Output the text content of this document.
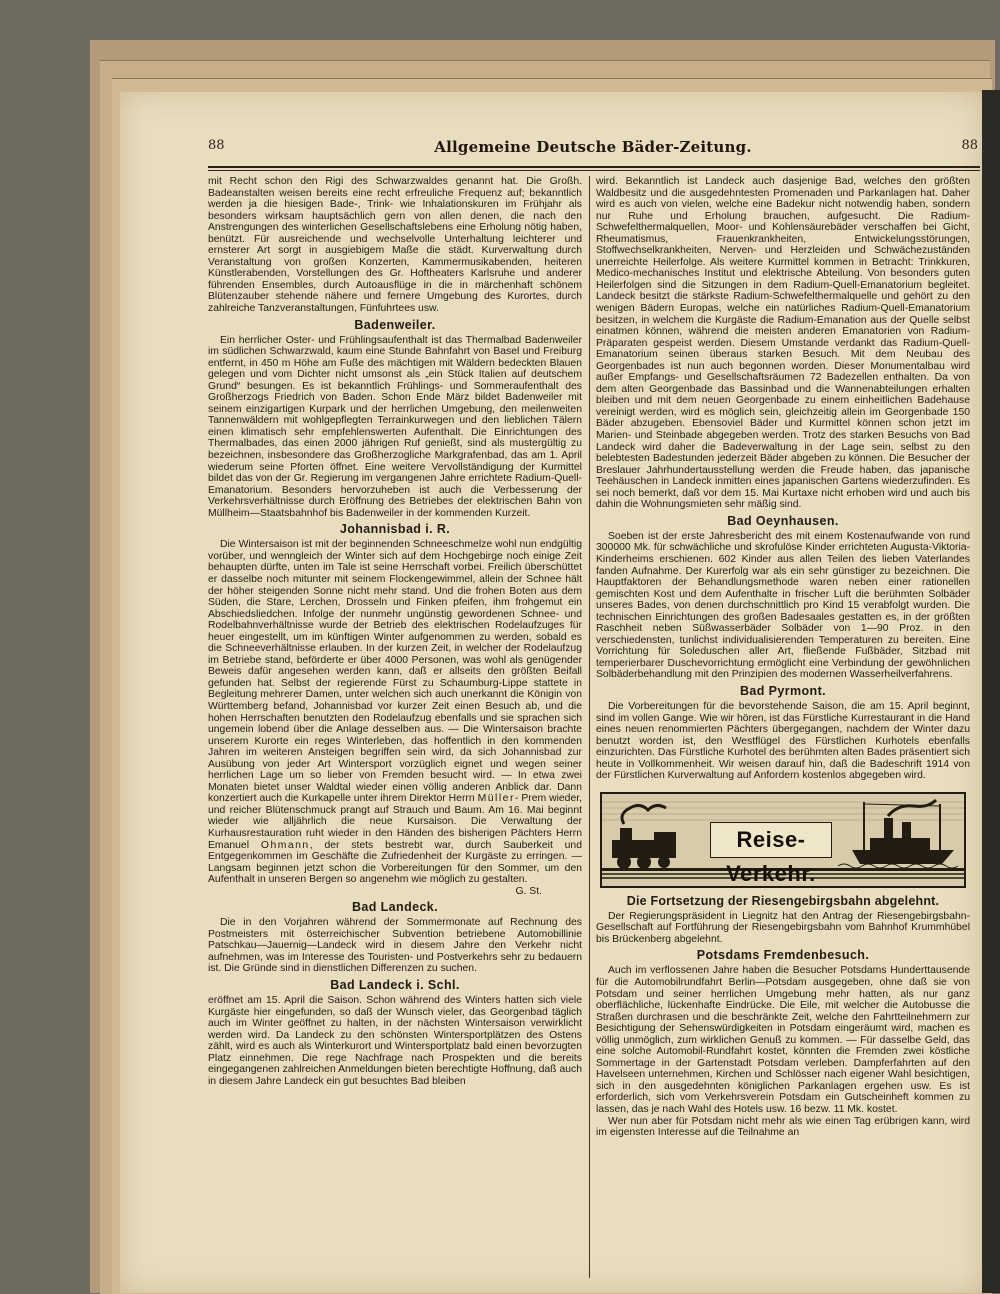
88	Allgemeine Deutsche Bäder-Zeitung.	88

mit Recht schon den Rigi des Schwarzwaldes genannt hat. Die Großh. Badeanstalten weisen bereits eine recht erfreuliche Frequenz auf; bekanntlich werden ja die hiesigen Bade-, Trink- wie Inhalationskuren im Frühjahr als besonders wirksam hauptsächlich gern von allen denen, die nach den Anstrengungen des winterlichen Gesellschaftslebens eine Erholung nötig haben, benützt. Für ausreichende und wechselvolle Unterhaltung leichterer und ernsterer Art sorgt in ausgiebigem Maße die städt. Kurverwaltung durch Veranstaltung von großen Konzerten, Kammermusikabenden, heiteren Künstlerabenden, Vorstellungen des Gr. Hoftheaters Karlsruhe und anderer führenden Ensembles, durch Autoausflüge in die in märchenhaft schönem Blütenzauber stehende nähere und fernere Umgebung des Kurortes, durch zahlreiche Tanzveranstaltungen, Fünfuhrtees usw.

Badenweiler.

Ein herrlicher Oster- und Frühlingsaufenthalt ist das Thermalbad Badenweiler im südlichen Schwarzwald, kaum eine Stunde Bahnfahrt von Basel und Freiburg entfernt, in 450 m Höhe am Fuße des mächtigen mit Wäldern bedeckten Blauen gelegen und vom Dichter nicht umsonst als „ein Stück Italien auf deutschem Grund“ besungen. Es ist bekanntlich Frühlings- und Sommeraufenthalt des Großherzogs Friedrich von Baden. Schon Ende März bildet Badenweiler mit seinem einzigartigen Kurpark und der herrlichen Umgebung, den meilenweiten Tannenwäldern mit wohlgepflegten Terrainkurwegen und den lieblichen Tälern einen klimatisch sehr empfehlenswerten Aufenthalt. Die Einrichtungen des Thermalbades, das einen 2000 jährigen Ruf genießt, sind als mustergültig zu bezeichnen, insbesondere das Großherzogliche Markgrafenbad, das am 1. April wiederum seine Pforten öffnet. Eine weitere Vervollständigung der Kurmittel bildet das von der Gr. Regierung im vergangenen Jahre errichtete Radium-Quell-Emanatorium. Besonders hervorzuheben ist auch die Verbesserung der Verkehrsverhältnisse durch Eröffnung des Betriebes der elektrischen Bahn von Müllheim—Staatsbahnhof bis Badenweiler in der kommenden Kurzeit.

Johannisbad i. R.

Die Wintersaison ist mit der beginnenden Schneeschmelze wohl nun endgültig vorüber, und wenngleich der Winter sich auf dem Hochgebirge noch einige Zeit behaupten dürfte, unten im Tale ist seine Herrschaft vorbei. Freilich überschüttet er dasselbe noch mitunter mit seinem Flockengewimmel, allein der Schnee hält der höher steigenden Sonne nicht mehr stand. Und die frohen Boten aus dem Süden, die Stare, Lerchen, Drosseln und Finken pfeifen, ihm frohgemut ein Abschiedsliedchen. Infolge der nunmehr ungünstig gewordenen Schnee- und Rodelbahnverhältnisse wurde der Betrieb des elektrischen Rodelaufzuges für heuer eingestellt, um im künftigen Winter aufgenommen zu werden, sobald es die Schneeverhältnisse erlauben. In der kurzen Zeit, in welcher der Rodelaufzug im Betriebe stand, beförderte er über 4000 Personen, was wohl als genügender Beweis dafür angesehen werden kann, daß er allseits den größten Beifall gefunden hat. Selbst der regierende Fürst zu Schaumburg-Lippe stattete in Begleitung mehrerer Damen, unter welchen sich auch unerkannt die Königin von Württemberg befand, Johannisbad vor kurzer Zeit einen Besuch ab, und die hohen Herrschaften benutzten den Rodelaufzug ebenfalls und sie sprachen sich ungemein lobend über die Anlage desselben aus. — Die Wintersaison brachte unserem Kurorte ein reges Winterleben, das hoffentlich in den kommenden Jahren im weiteren Ansteigen begriffen sein wird, da sich Johannisbad zur Ausübung von jeder Art Wintersport vorzüglich eignet und wegen seiner herrlichen Lage um so lieber von Fremden besucht wird. — In etwa zwei Monaten bietet unser Waldtal wieder einen völlig anderen Anblick dar. Dann konzertiert auch die Kurkapelle unter ihrem Direktor Herrn Müller- Prem wieder, und reicher Blütenschmuck prangt auf Strauch und Baum. Am 16. Mai beginnt wieder wie alljährlich die neue Kursaison. Die Verwaltung der Kurhausrestauration ruht wieder in den Händen des bisherigen Pächters Herrn Emanuel Ohmann, der stets bestrebt war, durch Sauberkeit und Entgegenkommen im Geschäfte die Zufriedenheit der Kurgäste zu erringen. — Langsam beginnen jetzt schon die Vorbereitungen für den Sommer, um den Aufenthalt in unseren Bergen so angenehm wie möglich zu gestalten.

G. St.
Bad Landeck.

Die in den Vorjahren während der Sommermonate auf Rechnung des Postmeisters mit österreichischer Subvention betriebene Automobillinie Patschkau—Jauernig—Landeck wird in diesem Jahre den Verkehr nicht aufnehmen, was im Interesse des Touristen- und Postverkehrs sehr zu bedauern ist. Die Gründe sind in dienstlichen Differenzen zu suchen.

Bad Landeck i. Schl.

eröffnet am 15. April die Saison. Schon während des Winters hatten sich viele Kurgäste hier eingefunden, so daß der Wunsch vieler, das Georgenbad täglich auch im Winter geöffnet zu halten, in der nächsten Wintersaison verwirklicht werden wird. Da Landeck zu den schönsten Wintersportplätzen des Ostens zählt, wird es auch als Winterkurort und Wintersportplatz bald einen bevorzugten Platz einnehmen. Die rege Nachfrage nach Prospekten und die bereits eingegangenen zahlreichen Anmeldungen bieten berechtigte Hoffnung, daß auch in diesem Jahre Landeck ein gut besuchtes Bad bleiben

wird. Bekanntlich ist Landeck auch dasjenige Bad, welches den größten Waldbesitz und die ausgedehntesten Promenaden und Parkanlagen hat. Daher wird es auch von vielen, welche eine Badekur nicht notwendig haben, sondern nur Ruhe und Erholung brauchen, aufgesucht. Die Radium-Schwefelthermalquellen, Moor- und Kohlensäurebäder verschaffen bei Gicht, Rheumatismus, Frauenkrankheiten, Entwickelungsstörungen, Stoffwechselkrankheiten, Nerven- und Herzleiden und Schwächezuständen unerreichte Heilerfolge. Als weitere Kurmittel kommen in Betracht: Trinkkuren, Medico-mechanisches Institut und elektrische Abteilung. Von besonders guten Heilerfolgen sind die Sitzungen in dem Radium-Quell-Emanatorium begleitet. Landeck besitzt die stärkste Radium-Schwefelthermalquelle und gehört zu den wenigen Bädern Europas, welche ein natürliches Radium-Quell-Emanatorium besitzen, in welchem die Kurgäste die Radium-Emanation aus der Quelle selbst einatmen können, während die meisten anderen Emanatorien von Radium-Präparaten gespeist werden. Diesem Umstande verdankt das Radium-Quell-Emanatorium seinen überaus starken Besuch. Mit dem Neubau des Georgenbades ist nun auch begonnen worden. Dieser Monumentalbau wird außer Empfangs- und Gesellschaftsräumen 72 Badezellen enthalten. Da von dem alten Georgenbade das Bassinbad und die Wannenabteilungen erhalten bleiben und mit dem neuen Georgenbade zu einem einheitlichen Badehause vereinigt werden, wird es möglich sein, gleichzeitig allein im Georgenbade 150 Bäder abzugeben. Ebensoviel Bäder und Kurmittel können schon jetzt im Marien- und Steinbade abgegeben werden. Trotz des starken Besuchs von Bad Landeck wird daher die Badeverwaltung in der Lage sein, selbst zu den belebtesten Badestunden jederzeit Bäder abgeben zu können. Die Besucher der Breslauer Jahrhundertausstellung werden die Freude haben, das japanische Teehäuschen in Landeck inmitten eines japanischen Gartens wiederzufinden. Es sei noch bemerkt, daß vor dem 15. Mai Kurtaxe nicht erhoben wird und auch bis dahin die Wohnungsmieten sehr mäßig sind.

Bad Oeynhausen.

Soeben ist der erste Jahresbericht des mit einem Kostenaufwande von rund 300000 Mk. für schwächliche und skrofulöse Kinder errichteten Augusta-Viktoria-Kinderheims erschienen. 602 Kinder aus allen Teilen des lieben Vaterlandes fanden Aufnahme. Der Kurerfolg war als ein sehr günstiger zu bezeichnen. Die Hauptfaktoren der Behandlungsmethode waren neben einer rationellen gemischten Kost und dem Aufenthalte in frischer Luft die berühmten Solbäder unseres Bades, von denen durchschnittlich pro Kind 15 verabfolgt wurden. Die technischen Einrichtungen des großen Badesaales gestatten es, in der größten Raschheit neben Süßwasserbäder Solbäder von 1—90 Proz. in den verschiedensten, tunlichst individualisierenden Temperaturen zu bereiten. Eine Vorrichtung für Soleduschen aller Art, fließende Fußbäder, Sitzbad mit temperierbarer Duschevorrichtung ermöglicht eine Verbindung der gewöhnlichen Solbäderbehandlung mit den Prinzipien des modernen Wasserheilverfahrens.

Bad Pyrmont.

Die Vorbereitungen für die bevorstehende Saison, die am 15. April beginnt, sind im vollen Gange. Wie wir hören, ist das Fürstliche Kurrestaurant in die Hand eines neuen renommierten Pächters übergegangen, nachdem der Winter dazu benutzt worden ist, den Westflügel des Fürstlichen Kurhotels ebenfalls einzurichten. Das Fürstliche Kurhotel des berühmten alten Bades präsentiert sich heute in Vollkommenheit. Wir weisen darauf hin, daß die Badeschrift 1914 von der Fürstlichen Kurverwaltung auf Anfordern kostenlos abgegeben wird.

Reise-Verkehr.
Die Fortsetzung der Riesengebirgsbahn abgelehnt.

Der Regierungspräsident in Liegnitz hat den Antrag der Riesengebirgsbahn-Gesellschaft auf Fortführung der Riesengebirgsbahn vom Bahnhof Krummhübel bis Brückenberg abgelehnt.

Potsdams Fremdenbesuch.

Auch im verflossenen Jahre haben die Besucher Potsdams Hunderttausende für die Automobilrundfahrt Berlin—Potsdam ausgegeben, ohne daß sie von Potsdam und seiner herrlichen Umgebung mehr hatten, als nur ganz oberflächliche, lückenhafte Eindrücke. Die Eile, mit welcher die Autobusse die Straßen durchrasen und die beschränkte Zeit, welche den Fahrtteilnehmern zur Besichtigung der Sehenswürdigkeiten in Potsdam eingeräumt wird, machen es völlig unmöglich, zum wirklichen Genuß zu kommen. — Für dasselbe Geld, das eine solche Automobil-Rundfahrt kostet, könnten die Fremden zwei köstliche Sommertage in der Gartenstadt Potsdam verleben. Dampferfahrten auf den Havelseen unternehmen, Kirchen und Schlösser nach eigener Wahl besichtigen, sich in den ausgedehnten königlichen Parkanlagen ergehen usw. Es ist erforderlich, sich vom Verkehrsverein Potsdam ein Gutscheinheft kommen zu lassen, das je nach Wahl des Hotels usw. 16 bezw. 11 Mk. kostet.

Wer nun aber für Potsdam nicht mehr als wie einen Tag erübrigen kann, wird im eigensten Interesse auf die Teilnahme an
